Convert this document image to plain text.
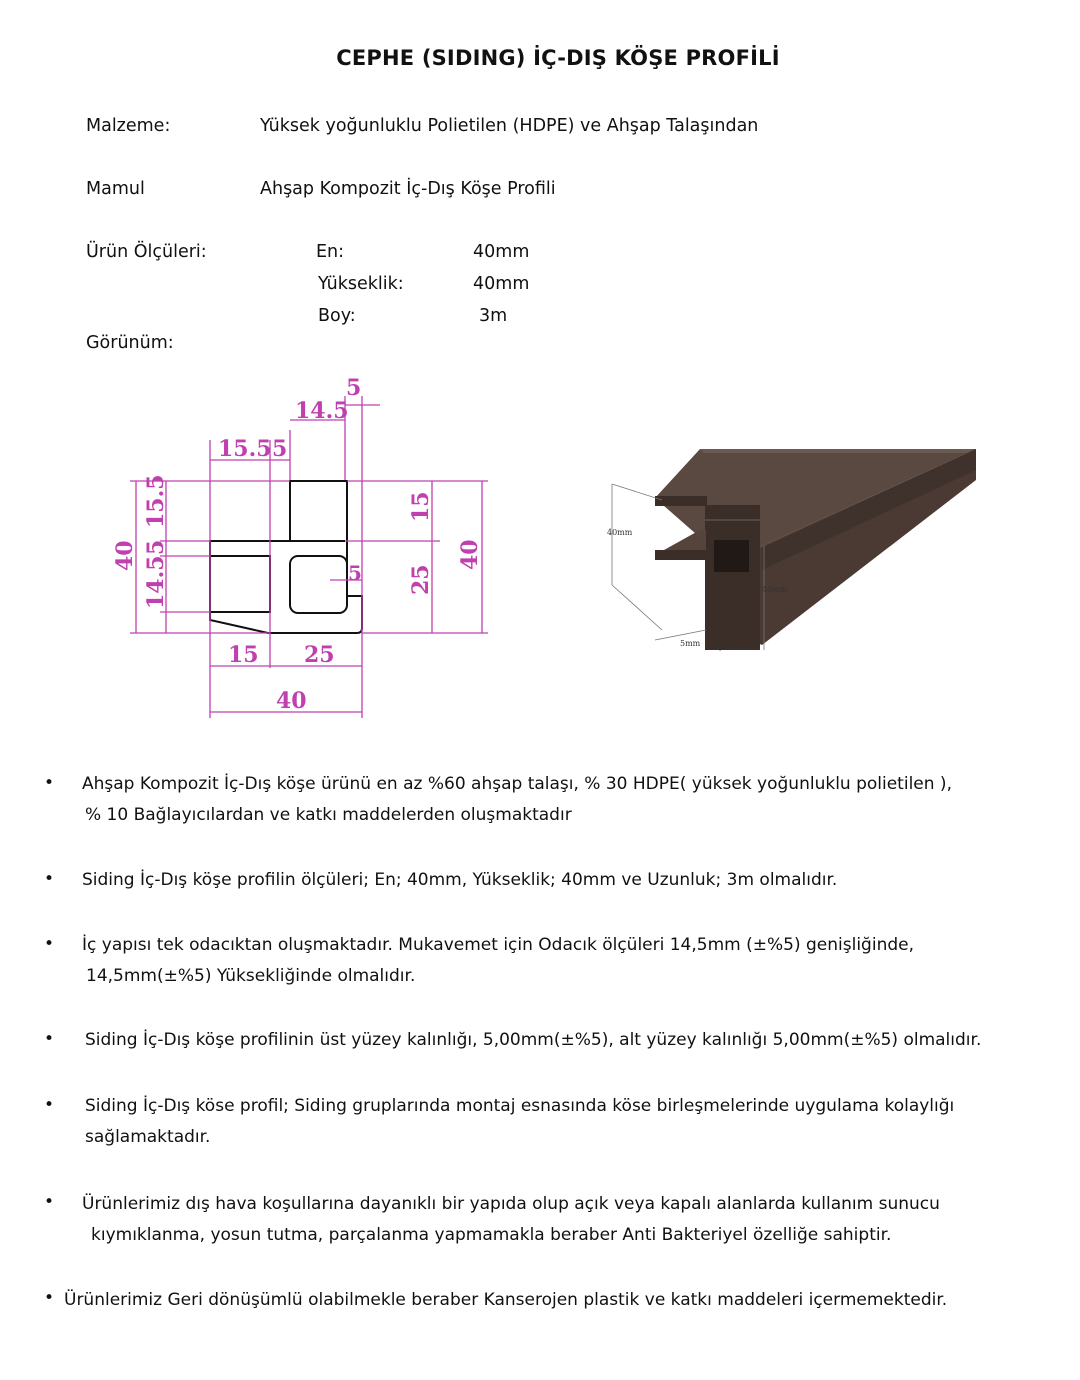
CEPHE (SIDING) İÇ-DIŞ KÖŞE PROFİLİ
Malzeme:	Yüksek yoğunluklu Polietilen (HDPE) ve Ahşap Talaşından
Mamul	Ahşap Kompozit İç-Dış Köşe Profili
Ürün Ölçüleri:	En:	40mm
Yükseklik:	40mm
Boy:	3m
Görünüm:
5
14.5
15.5 5
5
15 25
40
40
15.5
5
14.5
15
25
40
40mm
40mm
40mm
5mm 14,5mm
• Ahşap Kompozit İç-Dış köşe ürünü en az %60 ahşap talaşı, % 30 HDPE( yüksek yoğunluklu polietilen ),
% 10 Bağlayıcılardan ve katkı maddelerden oluşmaktadır
• Siding İç-Dış köşe profilin ölçüleri; En; 40mm, Yükseklik; 40mm ve Uzunluk; 3m olmalıdır.
• İç yapısı tek odacıktan oluşmaktadır. Mukavemet için Odacık ölçüleri 14,5mm (±%5) genişliğinde,
14,5mm(±%5) Yüksekliğinde olmalıdır.
• Siding İç-Dış köşe profilinin üst yüzey kalınlığı, 5,00mm(±%5), alt yüzey kalınlığı 5,00mm(±%5) olmalıdır.
• Siding İç-Dış köse profil; Siding gruplarında montaj esnasında köse birleşmelerinde uygulama kolaylığı
sağlamaktadır.
• Ürünlerimiz dış hava koşullarına dayanıklı bir yapıda olup açık veya kapalı alanlarda kullanım sunucu
kıymıklanma, yosun tutma, parçalanma yapmamakla beraber Anti Bakteriyel özelliğe sahiptir.
• Ürünlerimiz Geri dönüşümlü olabilmekle beraber Kanserojen plastik ve katkı maddeleri içermemektedir.
